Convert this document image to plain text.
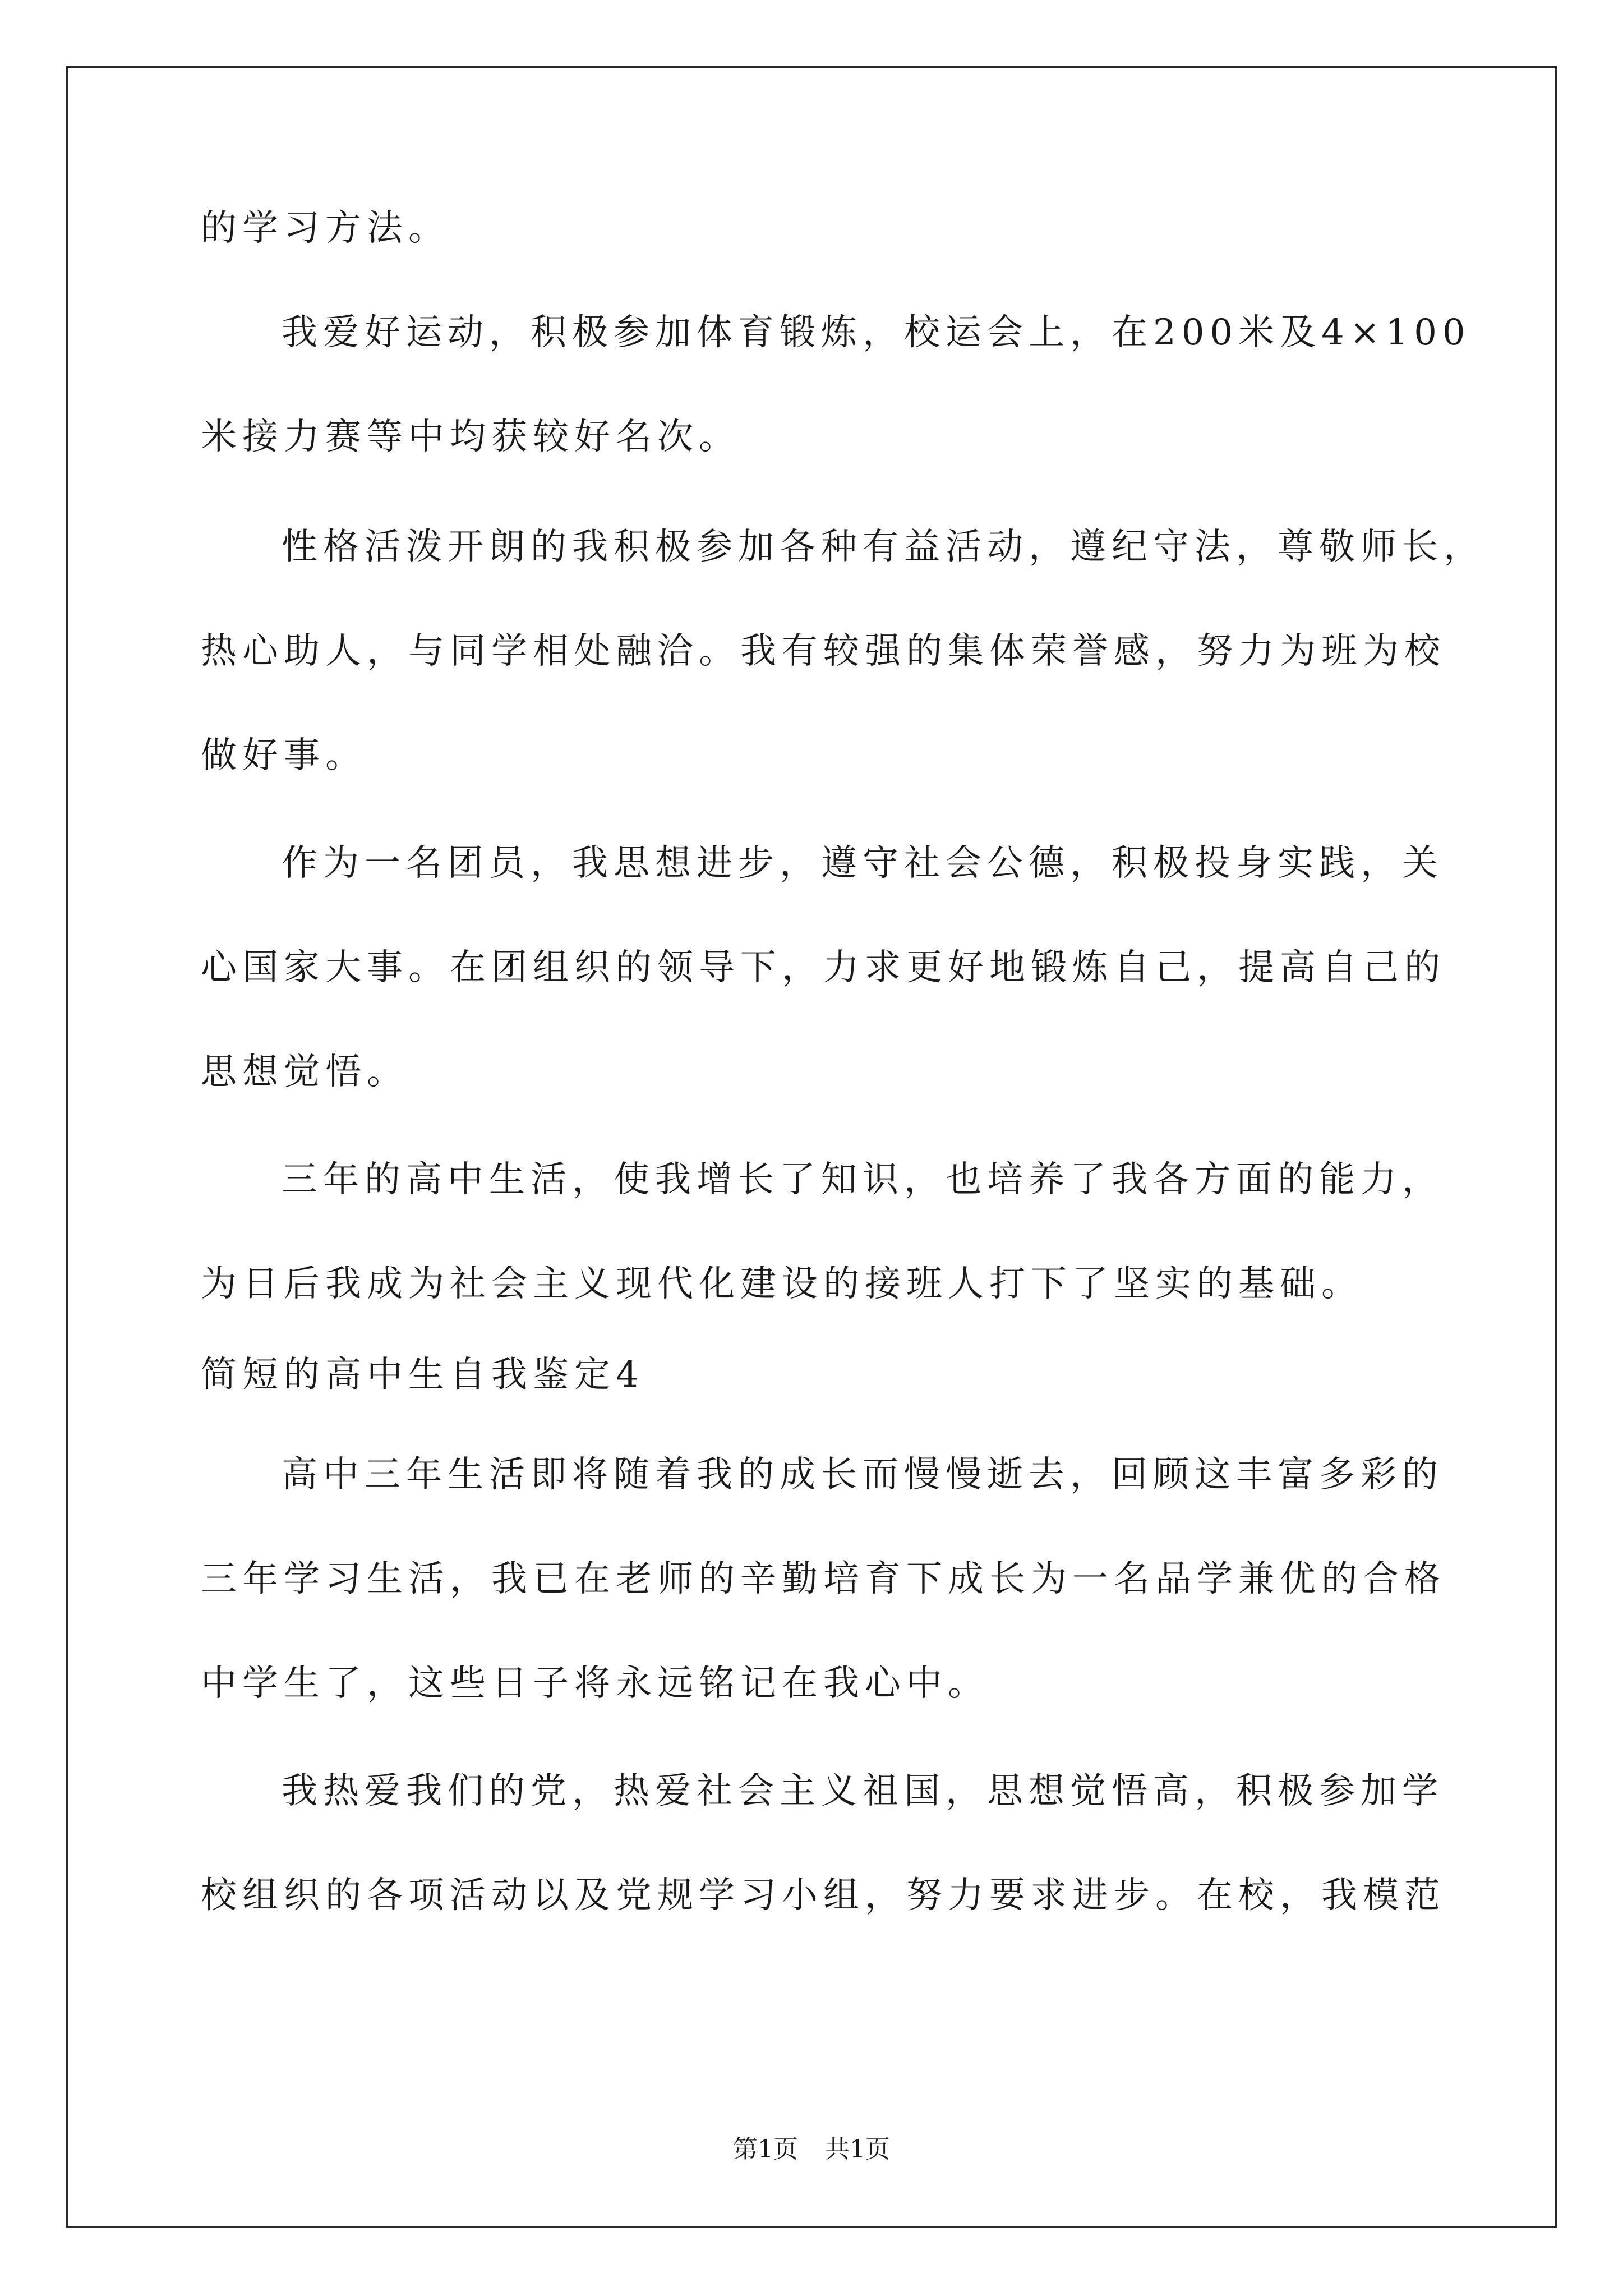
的学习方法。
我爱好运动，积极参加体育锻炼，校运会上，在200米及4×100
米接力赛等中均获较好名次。
性格活泼开朗的我积极参加各种有益活动，遵纪守法，尊敬师长，
热心助人，与同学相处融洽。我有较强的集体荣誉感，努力为班为校
做好事。
作为一名团员，我思想进步，遵守社会公德，积极投身实践，关
心国家大事。在团组织的领导下，力求更好地锻炼自己，提高自己的
思想觉悟。
三年的高中生活，使我增长了知识，也培养了我各方面的能力，
为日后我成为社会主义现代化建设的接班人打下了坚实的基础。
简短的高中生自我鉴定4
高中三年生活即将随着我的成长而慢慢逝去，回顾这丰富多彩的
三年学习生活，我已在老师的辛勤培育下成长为一名品学兼优的合格
中学生了，这些日子将永远铭记在我心中。
我热爱我们的党，热爱社会主义祖国，思想觉悟高，积极参加学
校组织的各项活动以及党规学习小组，努力要求进步。在校，我模范
第1页 共1页
